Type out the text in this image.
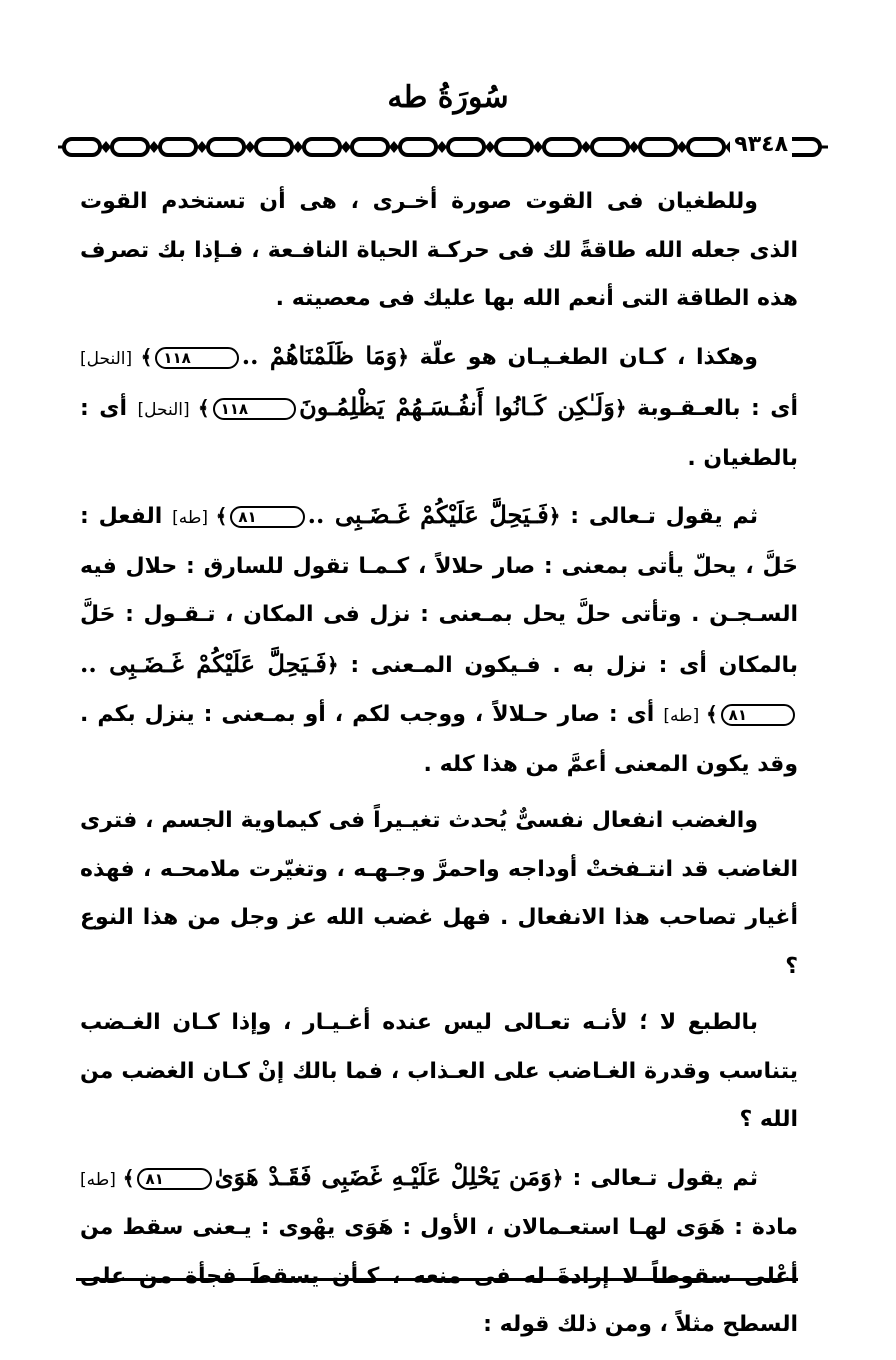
سُورَةُ طه
٩٣٤٨

وللطغيان فى القوت صورة أخـرى ، هى أن تستخدم القوت الذى جعله الله طاقةً لك فى حركـة الحياة النافـعة ، فـإذا بك تصرف هذه الطاقة التى أنعم الله بها عليك فى معصيته .

وهكذا ، كـان الطغـيـان هو علّة ﴿وَمَا ظَلَمْنَاهُمْ ..١١٨﴾ [النحل] أى : بالعـقـوبة ﴿وَلَـٰكِن كَـانُوا أَنفُـسَـهُمْ يَظْلِمُـونَ١١٨﴾ [النحل] أى : بالطغيان .

ثم يقول تـعالى : ﴿فَـيَحِلَّ عَلَيْكُمْ غَـضَـبِى ..٨١﴾ [طه] الفعل : حَلَّ ، يحلّ يأتى بمعنى : صار حلالاً ، كـمـا تقول للسارق : حلال فيه السـجـن . وتأتى حلَّ يحل بمـعنى : نزل فى المكان ، تـقـول : حَلَّ بالمكان أى : نزل به . فـيكون المـعنى : ﴿فَـيَحِلَّ عَلَيْكُمْ غَـضَـبِى ..٨١﴾ [طه] أى : صار حـلالاً ، ووجب لكم ، أو بمـعنى : ينزل بكم . وقد يكون المعنى أعمَّ من هذا كله .

والغضب انفعال نفسىٌّ يُحدث تغيـيراً فى كيماوية الجسم ، فترى الغاضب قد انتـفختْ أوداجه واحمرَّ وجـهـه ، وتغيّرت ملامحـه ، فهذه أغيار تصاحب هذا الانفعال . فهل غضب الله عز وجل من هذا النوع ؟

بالطبع لا ؛ لأنـه تعـالى ليس عنده أغـيـار ، وإذا كـان الغـضب يتناسب وقدرة الغـاضب على العـذاب ، فما بالك إنْ كـان الغضب من الله ؟

ثم يقول تـعالى : ﴿وَمَن يَحْلِلْ عَلَيْـهِ غَضَبِى فَقَـدْ هَوَىٰ٨١﴾ [طه] مادة : هَوَى لهـا استعـمالان ، الأول : هَوَى يهْوى : يـعنى سقط من أعْلى سقوطاً لا إرادةَ له فى منعه ، كـأن يسقطَ فجأة من على السطح مثلاً ، ومن ذلك قوله :
